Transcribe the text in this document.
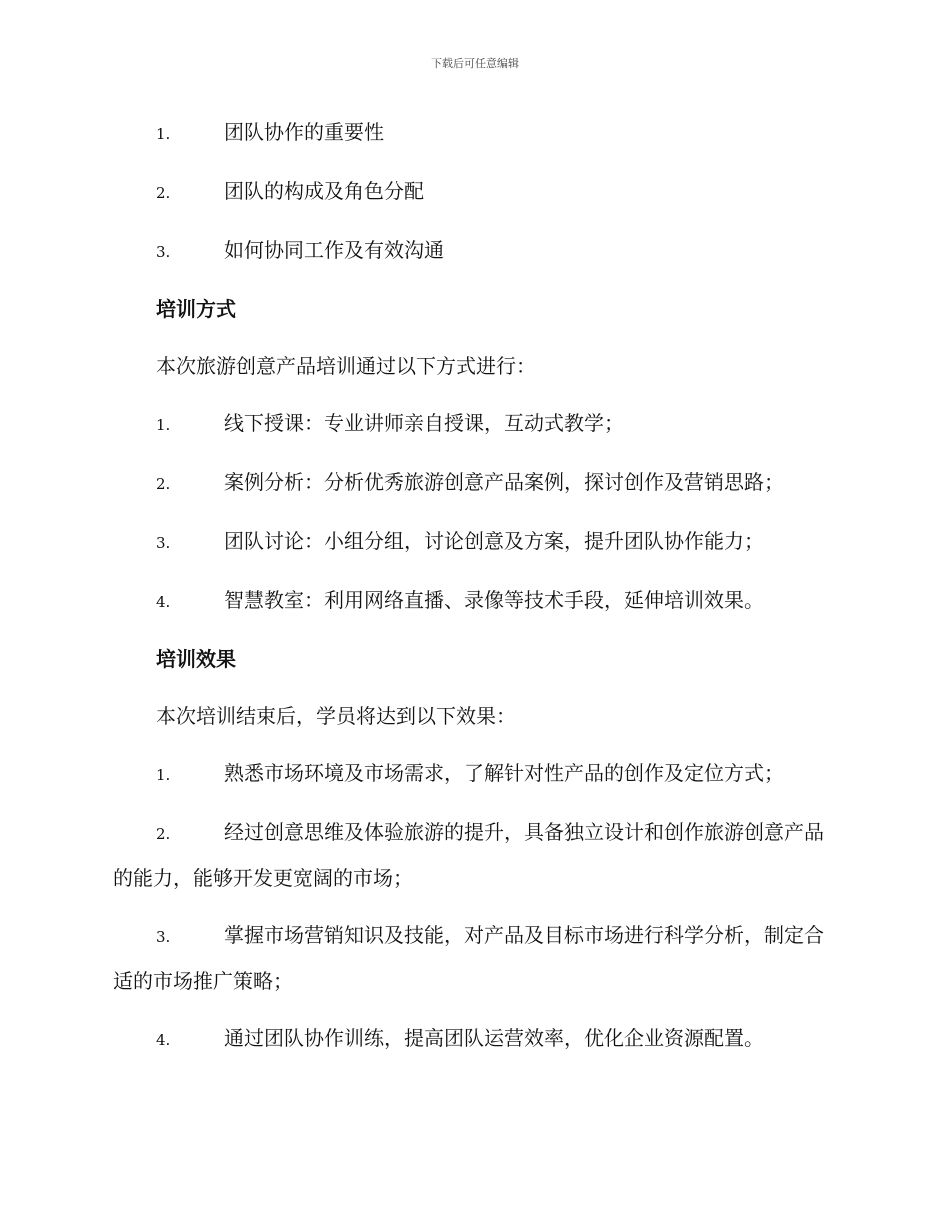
下载后可任意编辑
1.	团队协作的重要性
2.	团队的构成及角色分配
3.	如何协同工作及有效沟通
培训方式
本次旅游创意产品培训通过以下方式进行：
1.	线下授课：专业讲师亲自授课，互动式教学；
2.	案例分析：分析优秀旅游创意产品案例，探讨创作及营销思路；
3.	团队讨论：小组分组，讨论创意及方案，提升团队协作能力；
4.	智慧教室：利用网络直播、录像等技术手段，延伸培训效果。
培训效果
本次培训结束后，学员将达到以下效果：
1.	熟悉市场环境及市场需求，了解针对性产品的创作及定位方式；
2.	经过创意思维及体验旅游的提升，具备独立设计和创作旅游创意产品的能力，能够开发更宽阔的市场；
3.	掌握市场营销知识及技能，对产品及目标市场进行科学分析，制定合适的市场推广策略；
4.	通过团队协作训练，提高团队运营效率，优化企业资源配置。
